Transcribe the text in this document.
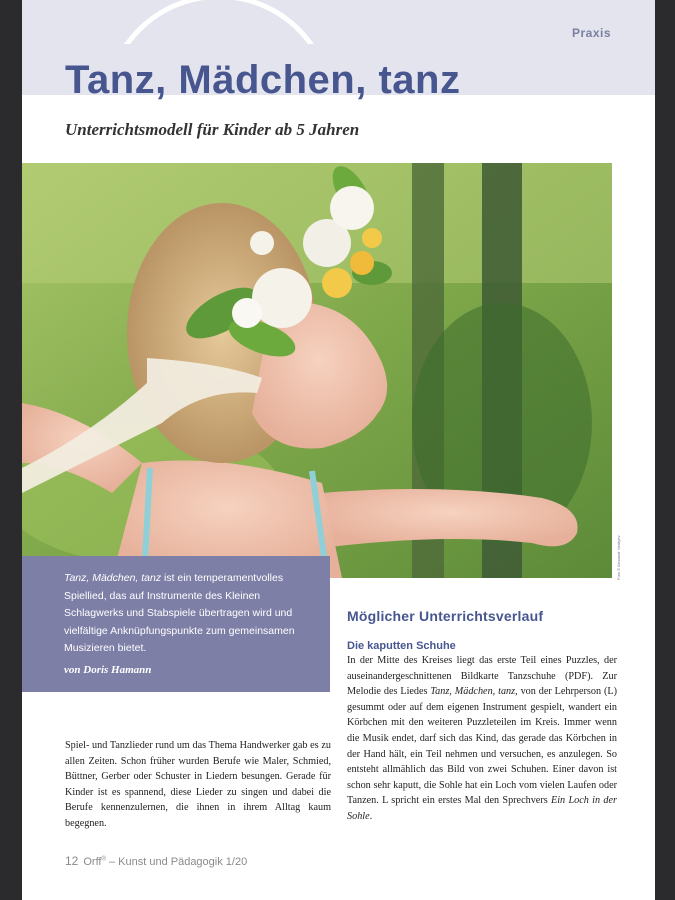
Praxis
Tanz, Mädchen, tanz
Unterrichtsmodell für Kinder ab 5 Jahren
Foto © Alexandr Vasilyev

Tanz, Mädchen, tanz ist ein temperamentvolles Spiellied, das auf Instrumente des Kleinen Schlagwerks und Stabspiele übertragen wird und vielfältige Anknüpfungspunkte zum gemeinsamen Musizieren bietet.

von Doris Hamann

Spiel- und Tanzlieder rund um das Thema Handwerker gab es zu allen Zeiten. Schon früher wurden Berufe wie Maler, Schmied, Büttner, Gerber oder Schuster in Liedern besungen. Gerade für Kinder ist es spannend, diese Lieder zu singen und dabei die Berufe kennenzulernen, die ihnen in ihrem Alltag kaum begegnen.

Möglicher Unterrichtsverlauf
Die kaputten Schuhe

In der Mitte des Kreises liegt das erste Teil eines Puzzles, der auseinandergeschnittenen Bildkarte Tanzschuhe (PDF). Zur Melodie des Liedes Tanz, Mädchen, tanz, von der Lehrperson (L) gesummt oder auf dem eigenen Instrument gespielt, wandert ein Körbchen mit den weiteren Puzzleteilen im Kreis. Immer wenn die Musik endet, darf sich das Kind, das gerade das Körbchen in der Hand hält, ein Teil nehmen und versuchen, es anzulegen. So entsteht allmählich das Bild von zwei Schuhen. Einer davon ist schon sehr kaputt, die Sohle hat ein Loch vom vielen Laufen oder Tanzen. L spricht ein erstes Mal den Sprechvers Ein Loch in der Sohle.

12 Orff® – Kunst und Pädagogik 1/20
